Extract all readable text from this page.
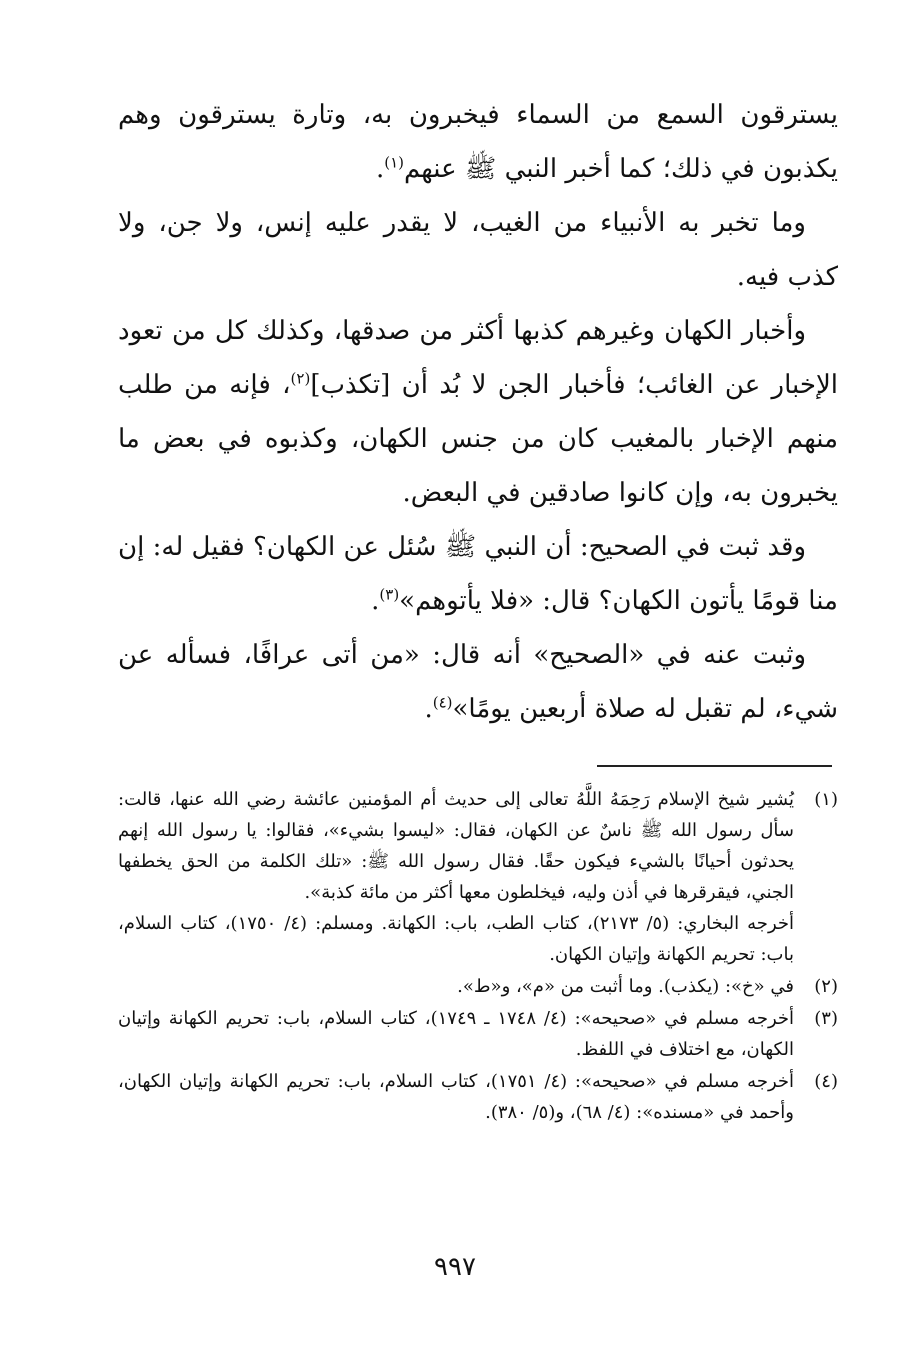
يسترقون السمع من السماء فيخبرون به، وتارة يسترقون وهم يكذبون في ذلك؛ كما أخبر النبي ﷺ عنهم$^{(١)}$.

وما تخبر به الأنبياء من الغيب، لا يقدر عليه إنس، ولا جن، ولا كذب فيه.

وأخبار الكهان وغيرهم كذبها أكثر من صدقها، وكذلك كل من تعود الإخبار عن الغائب؛ فأخبار الجن لا بُد أن [تكذب]$^{(٢)}$، فإنه من طلب منهم الإخبار بالمغيب كان من جنس الكهان، وكذبوه في بعض ما يخبرون به، وإن كانوا صادقين في البعض.

وقد ثبت في الصحيح: أن النبي ﷺ سُئل عن الكهان؟ فقيل له: إن منا قومًا يأتون الكهان؟ قال: «فلا يأتوهم»$^{(٣)}$.

وثبت عنه في «الصحيح» أنه قال: «من أتى عرافًا، فسأله عن شيء، لم تقبل له صلاة أربعين يومًا»$^{(٤)}$.

(١)

يُشير شيخ الإسلام رَحِمَهُ اللَّهُ تعالى إلى حديث أم المؤمنين عائشة رضي الله عنها، قالت: سأل رسول الله ﷺ ناسٌ عن الكهان، فقال: «ليسوا بشيء»، فقالوا: يا رسول الله إنهم يحدثون أحيانًا بالشيء فيكون حقًا. فقال رسول الله ﷺ: «تلك الكلمة من الحق يخطفها الجني، فيقرقرها في أذن وليه، فيخلطون معها أكثر من مائة كذبة».

أخرجه البخاري: (٥/ ٢١٧٣)، كتاب الطب، باب: الكهانة. ومسلم: (٤/ ١٧٥٠)، كتاب السلام، باب: تحريم الكهانة وإتيان الكهان.

(٢)

في «خ»: (يكذب). وما أثبت من «م»، و«ط».

(٣)

أخرجه مسلم في «صحيحه»: (٤/ ١٧٤٨ ـ ١٧٤٩)، كتاب السلام، باب: تحريم الكهانة وإتيان الكهان، مع اختلاف في اللفظ.

(٤)

أخرجه مسلم في «صحيحه»: (٤/ ١٧٥١)، كتاب السلام، باب: تحريم الكهانة وإتيان الكهان، وأحمد في «مسنده»: (٤/ ٦٨)، و(٥/ ٣٨٠).

٩٩٧
